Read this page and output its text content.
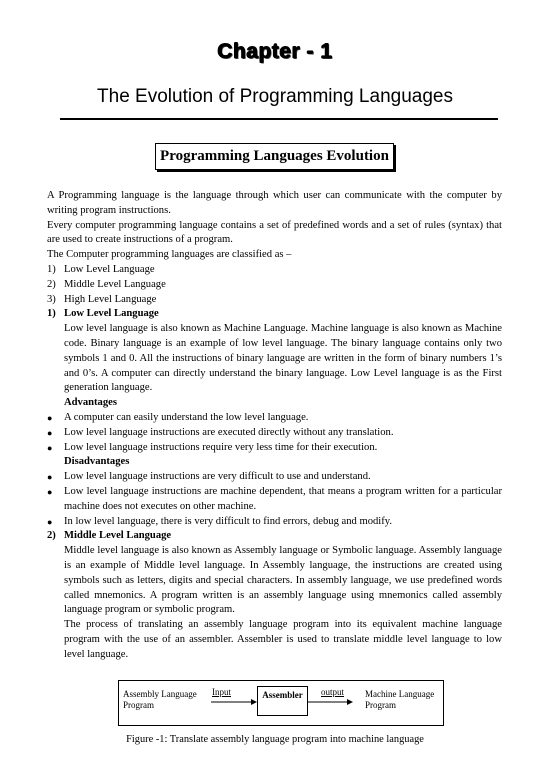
Chapter - 1
The Evolution of Programming Languages
Programming Languages Evolution

A Programming language is the language through which user can communicate with the computer by writing program instructions.

Every computer programming language contains a set of predefined words and a set of rules (syntax) that are used to create instructions of a program.

The Computer programming languages are classified as –

1) Low Level Language

2) Middle Level Language

3) High Level Language

1) Low Level Language

Low level language is also known as Machine Language. Machine language is also known as Machine code. Binary language is an example of low level language. The binary language contains only two symbols 1 and 0. All the instructions of binary language are written in the form of binary numbers 1’s and 0’s. A computer can directly understand the binary language. Low Level language is as the First generation language.

Advantages

● A computer can easily understand the low level language.

● Low level language instructions are executed directly without any translation.

● Low level language instructions require very less time for their execution.

Disadvantages

● Low level language instructions are very difficult to use and understand.

● Low level language instructions are machine dependent, that means a program written for a particular machine does not executes on other machine.

● In low level language, there is very difficult to find errors, debug and modify.

2) Middle Level Language

Middle level language is also known as Assembly language or Symbolic language. Assembly language is an example of Middle level language. In Assembly language, the instructions are created using symbols such as letters, digits and special characters. In assembly language, we use predefined words called mnemonics. A program written is an assembly language using mnemonics called assembly language program or symbolic program.

The process of translating an assembly language program into its equivalent machine language program with the use of an assembler. Assembler is used to translate middle level language to low level language.

Assembly Language
Program
Input	Assembler	output Machine Language
Program
Figure -1: Translate assembly language program into machine language
